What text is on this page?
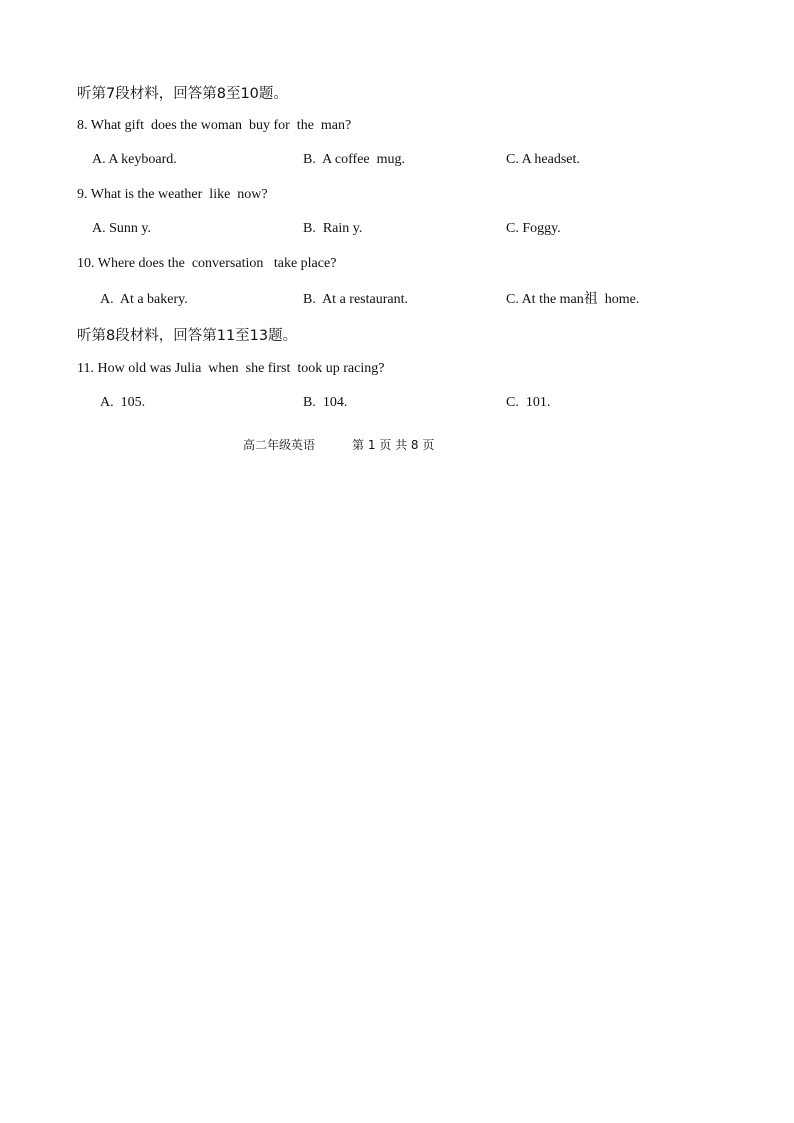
听第7段材料，回答第8至10题。
8. What gift  does the woman  buy for  the  man?
A. A keyboard.	B.  A coffee  mug.	C. A headset.
9. What is the weather  like  now?
A. Sunn y.	B.  Rain y.	C. Foggy.
10. Where does the  conversation   take place?
A.  At a bakery.	B.  At a restaurant.	C. At the man祖  home.
听第8段材料，回答第11至13题。
11. How old was Julia  when  she first  took up racing?
A.  105.	B.  104.	C.  101.
高二年级英语	第 1 页 共 8 页
